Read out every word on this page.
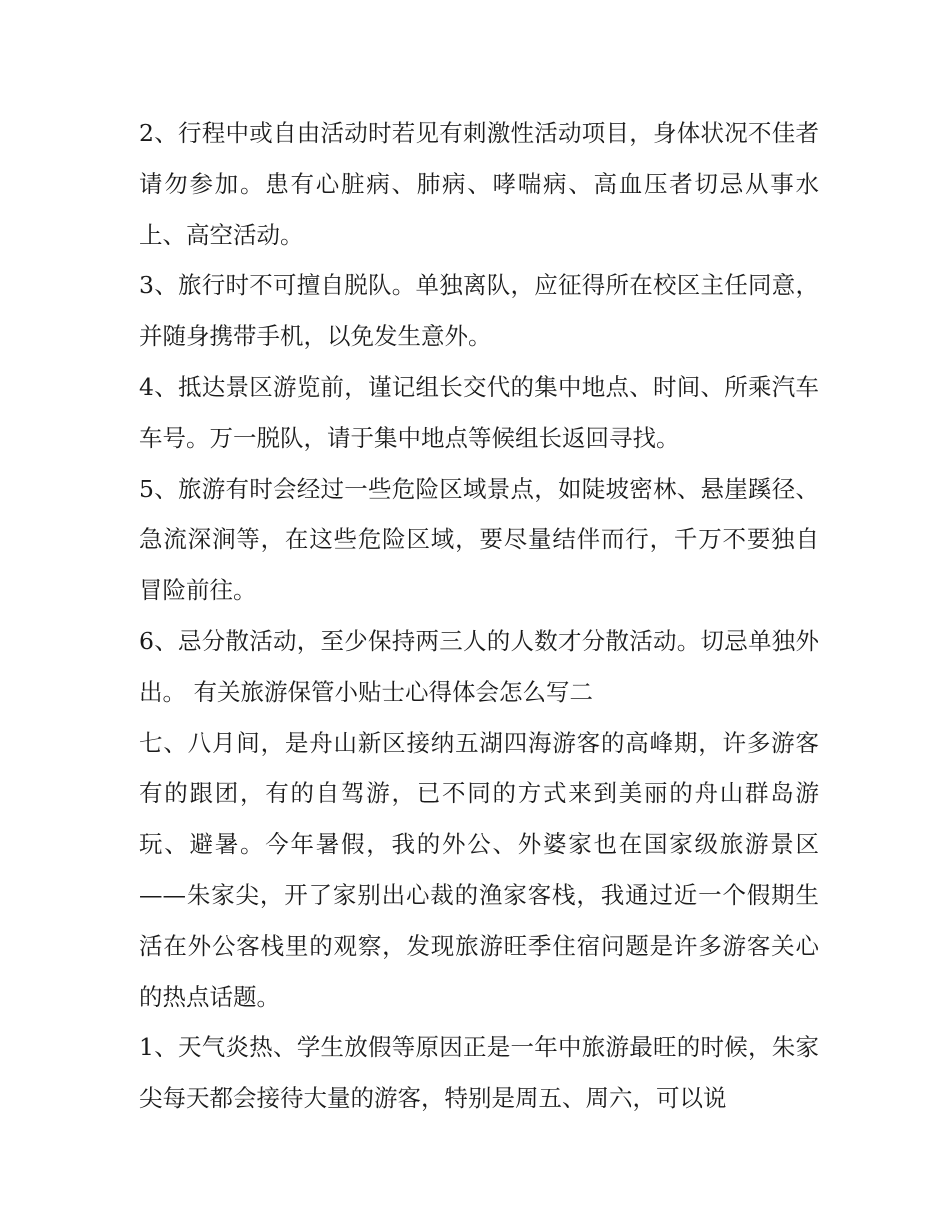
2、行程中或自由活动时若见有刺激性活动项目，身体状况不佳者请勿参加。患有心脏病、肺病、哮喘病、高血压者切忌从事水上、高空活动。

3、旅行时不可擅自脱队。单独离队，应征得所在校区主任同意，并随身携带手机，以免发生意外。

4、抵达景区游览前，谨记组长交代的集中地点、时间、所乘汽车车号。万一脱队，请于集中地点等候组长返回寻找。

5、旅游有时会经过一些危险区域景点，如陡坡密林、悬崖蹊径、急流深涧等，在这些危险区域，要尽量结伴而行，千万不要独自冒险前往。

6、忌分散活动，至少保持两三人的人数才分散活动。切忌单独外出。 有关旅游保管小贴士心得体会怎么写二

七、八月间，是舟山新区接纳五湖四海游客的高峰期，许多游客有的跟团，有的自驾游，已不同的方式来到美丽的舟山群岛游玩、避暑。今年暑假，我的外公、外婆家也在国家级旅游景区——朱家尖，开了家别出心裁的渔家客栈，我通过近一个假期生活在外公客栈里的观察，发现旅游旺季住宿问题是许多游客关心的热点话题。

1、天气炎热、学生放假等原因正是一年中旅游最旺的时候，朱家尖每天都会接待大量的游客，特别是周五、周六，可以说
